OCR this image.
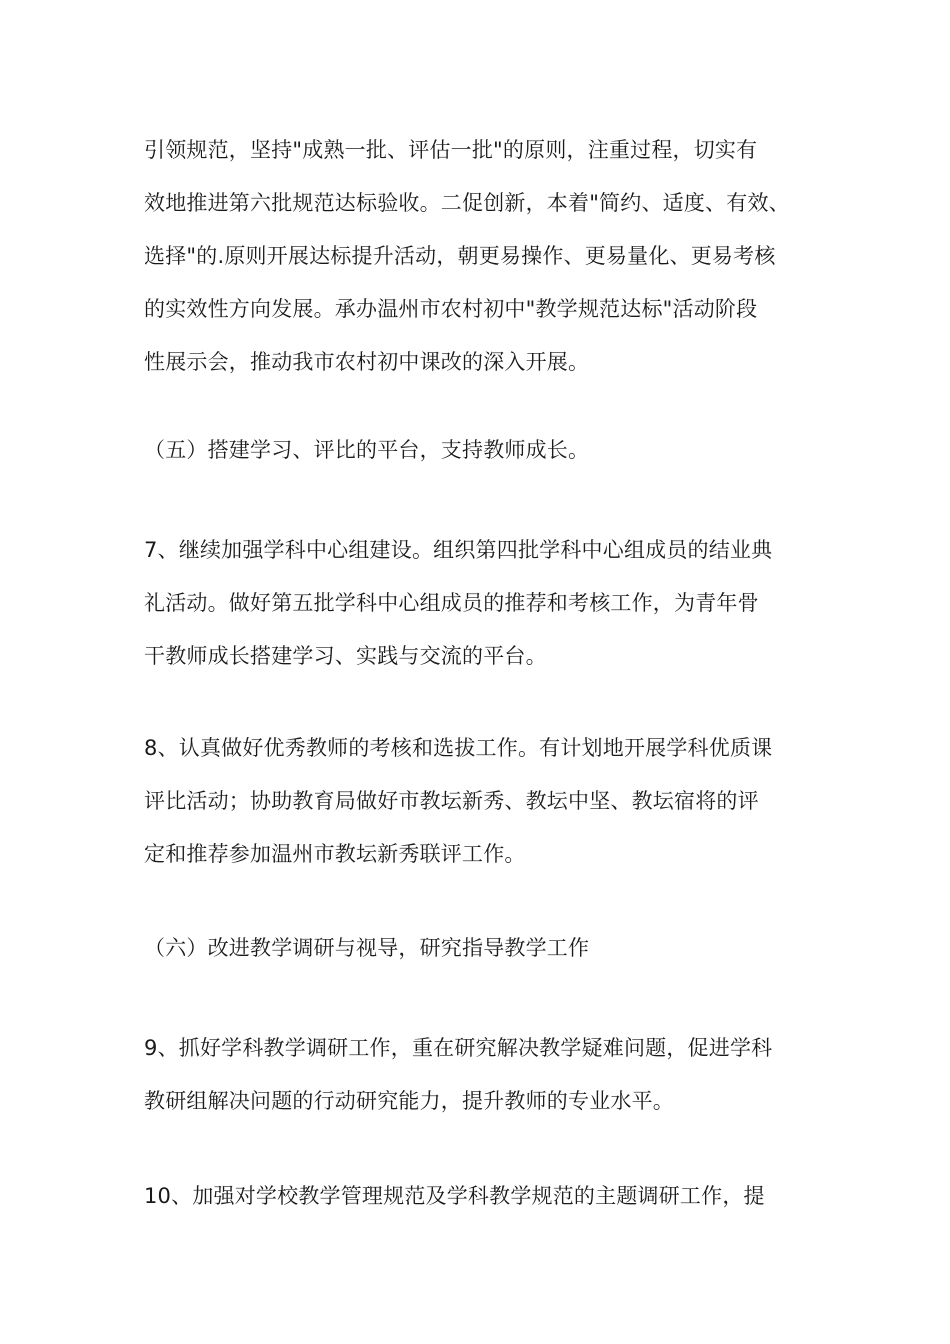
引领规范，坚持"成熟一批、评估一批"的原则，注重过程，切实有
效地推进第六批规范达标验收。二促创新，本着"简约、适度、有效、
选择"的.原则开展达标提升活动，朝更易操作、更易量化、更易考核
的实效性方向发展。承办温州市农村初中"教学规范达标"活动阶段
性展示会，推动我市农村初中课改的深入开展。
（五）搭建学习、评比的平台，支持教师成长。
7、继续加强学科中心组建设。组织第四批学科中心组成员的结业典
礼活动。做好第五批学科中心组成员的推荐和考核工作，为青年骨
干教师成长搭建学习、实践与交流的平台。
8、认真做好优秀教师的考核和选拔工作。有计划地开展学科优质课
评比活动；协助教育局做好市教坛新秀、教坛中坚、教坛宿将的评
定和推荐参加温州市教坛新秀联评工作。
（六）改进教学调研与视导，研究指导教学工作
9、抓好学科教学调研工作，重在研究解决教学疑难问题，促进学科
教研组解决问题的行动研究能力，提升教师的专业水平。
10、加强对学校教学管理规范及学科教学规范的主题调研工作，提
